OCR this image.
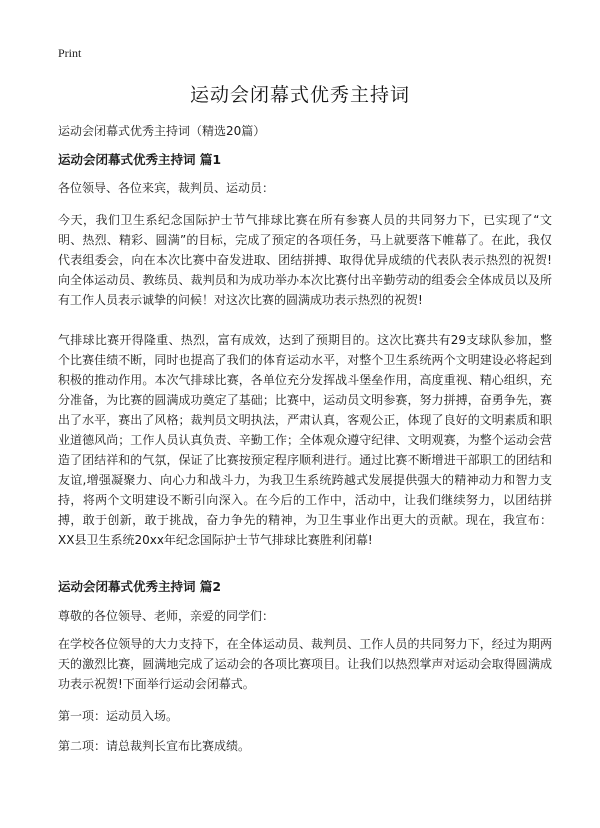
Print
运动会闭幕式优秀主持词
运动会闭幕式优秀主持词（精选20篇）
运动会闭幕式优秀主持词 篇1
各位领导、各位来宾，裁判员、运动员：
今天，我们卫生系纪念国际护士节气排球比赛在所有参赛人员的共同努力下，已实现了“文明、热烈、精彩、圆满”的目标，完成了预定的各项任务，马上就要落下帷幕了。在此，我仅代表组委会，向在本次比赛中奋发进取、团结拼搏、取得优异成绩的代表队表示热烈的祝贺!向全体运动员、教练员、裁判员和为成功举办本次比赛付出辛勤劳动的组委会全体成员以及所有工作人员表示诚挚的问候！对这次比赛的圆满成功表示热烈的祝贺!
气排球比赛开得隆重、热烈，富有成效，达到了预期目的。这次比赛共有29支球队参加，整个比赛佳绩不断，同时也提高了我们的体育运动水平，对整个卫生系统两个文明建设必将起到积极的推动作用。本次气排球比赛，各单位充分发挥战斗堡垒作用，高度重视、精心组织，充分准备，为比赛的圆满成功奠定了基础；比赛中，运动员文明参赛，努力拼搏，奋勇争先，赛出了水平，赛出了风格；裁判员文明执法，严肃认真，客观公正，体现了良好的文明素质和职业道德风尚；工作人员认真负责、辛勤工作；全体观众遵守纪律、文明观赛，为整个运动会营造了团结祥和的气氛，保证了比赛按预定程序顺利进行。通过比赛不断增进干部职工的团结和友谊,增强凝聚力、向心力和战斗力，为我卫生系统跨越式发展提供强大的精神动力和智力支持，将两个文明建设不断引向深入。在今后的工作中，活动中，让我们继续努力，以团结拼搏，敢于创新，敢于挑战，奋力争先的精神，为卫生事业作出更大的贡献。现在，我宣布：XX县卫生系统20xx年纪念国际护士节气排球比赛胜利闭幕!
运动会闭幕式优秀主持词 篇2
尊敬的各位领导、老师，亲爱的同学们：
在学校各位领导的大力支持下，在全体运动员、裁判员、工作人员的共同努力下，经过为期两天的激烈比赛，圆满地完成了运动会的各项比赛项目。让我们以热烈掌声对运动会取得圆满成功表示祝贺!下面举行运动会闭幕式。
第一项：运动员入场。
第二项：请总裁判长宣布比赛成绩。
